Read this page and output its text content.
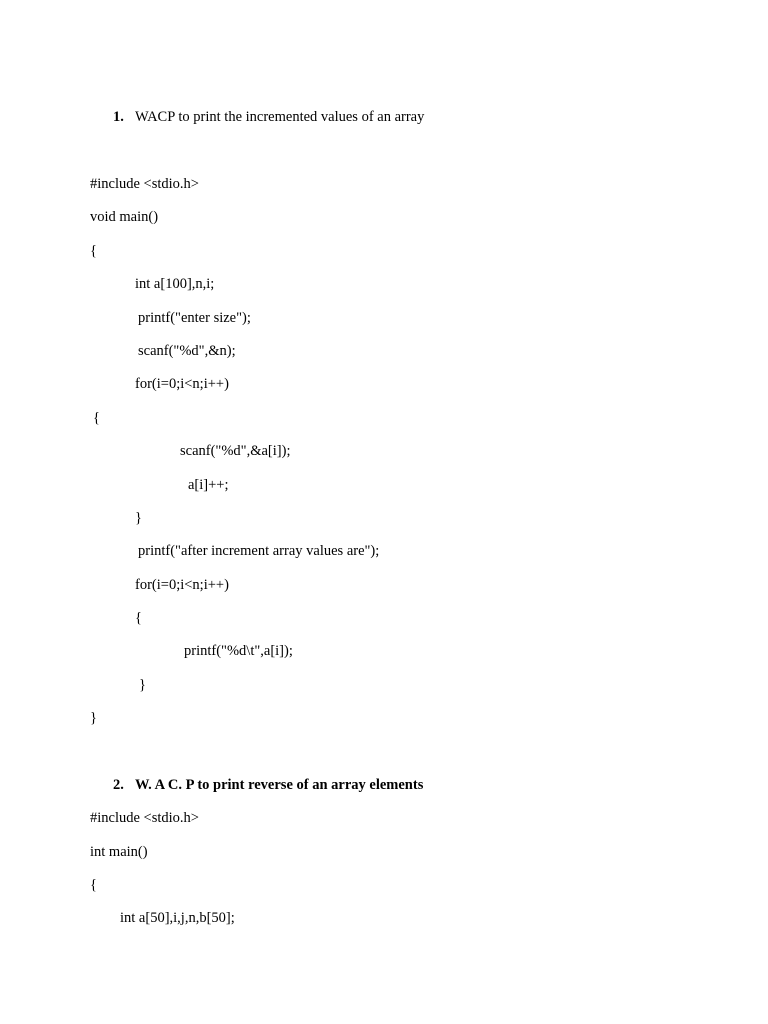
1. WACP to print the incremented values of an array
#include <stdio.h>
void main()
{
int a[100],n,i;
printf("enter size");
scanf("%d",&n);
for(i=0;i<n;i++)
{
scanf("%d",&a[i]);
a[i]++;
}
printf("after increment array values are");
for(i=0;i<n;i++)
{
printf("%d\t",a[i]);
}
}
2. W. A C. P to print reverse of an array elements
#include <stdio.h>
int main()
{
int a[50],i,j,n,b[50];
